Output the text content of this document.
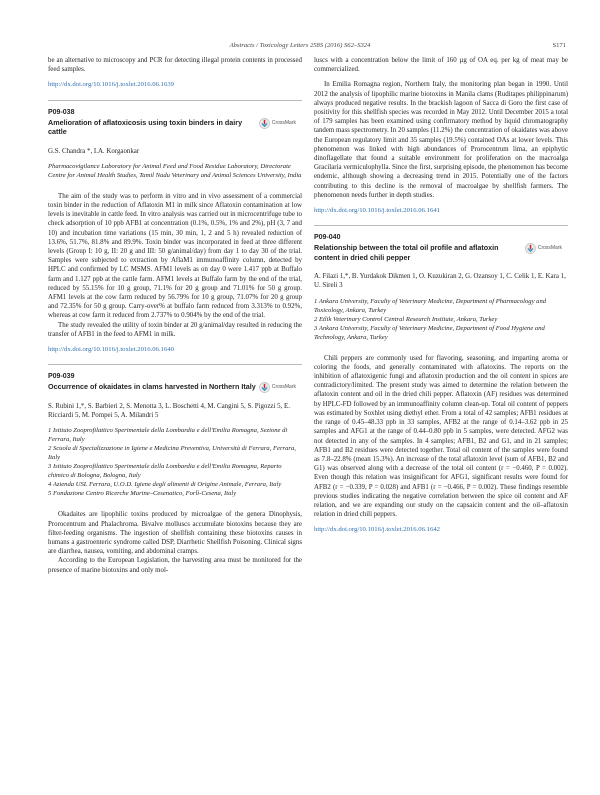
Abstracts / Toxicology Letters 258S (2016) S62–S324	S171

be an alternative to microscopy and PCR for detecting illegal protein contents in processed feed samples.

http://dx.doi.org/10.1016/j.toxlet.2016.06.1639
P09-038
Amelioration of aflatoxicosis using toxin binders in dairy cattle
CrossMark
G.S. Chandra *, I.A. Korgaonkar
Pharmacovigilance Laboratory for Animal Feed and Food Residue Laboratory, Directorate Centre for Animal Health Studies, Tamil Nadu Veterinary and Animal Sciences University, India

The aim of the study was to perform in vitro and in vivo assessment of a commercial toxin binder in the reduction of Aflatoxin M1 in milk since Aflatoxin contamination at low levels is inevitable in cattle feed. In vitro analysis was carried out in microcentrifuge tube to check adsorption of 10 ppb AFB1 at concentration (0.1%, 0.5%, 1% and 2%), pH (3, 7 and 10) and incubation time variations (15 min, 30 min, 1, 2 and 5 h) revealed reduction of 13.6%, 51.7%, 81.8% and 89.9%. Toxin binder was incorporated in feed at three different levels (Group I: 10 g, II: 20 g and III: 50 g/animal/day) from day 1 to day 30 of the trial. Samples were subjected to extraction by AflaM1 immunoaffinity column, detected by HPLC and confirmed by LC MSMS. AFM1 levels as on day 0 were 1.417 ppb at Buffalo farm and 1.127 ppb at the cattle farm. AFM1 levels at Buffalo farm by the end of the trial, reduced by 55.15% for 10 g group, 71.1% for 20 g group and 71.01% for 50 g group. AFM1 levels at the cow farm reduced by 56.79% for 10 g group, 71.07% for 20 g group and 72.35% for 50 g group. Carry-over% at buffalo farm reduced from 3.313% to 0.92%, whereas at cow farm it reduced from 2.737% to 0.904% by the end of the trial.

The study revealed the utility of toxin binder at 20 g/animal/day resulted in reducing the transfer of AFB1 in the feed to AFM1 in milk.

http://dx.doi.org/10.1016/j.toxlet.2016.06.1640
P09-039
Occurrence of okaidates in clams harvested in Northern Italy	CrossMark
S. Rubini 1,*, S. Barbieri 2, S. Menotta 3, L. Boschetti 4, M. Cangini 5, S. Pigozzi 5, E. Ricciardi 5, M. Pompei 5, A. Milandri 5
1 Istituto Zooprofilattico Sperimentale della Lombardia e dell'Emilia Romagna, Sezione di Ferrara, Italy
2 Scuola di Specializzazione in Igiene e Medicina Preventiva, Università di Ferrara, Ferrara, Italy
3 Istituto Zooprofilattico Sperimentale della Lombardia e dell'Emilia Romagna, Reparto chimico di Bologna, Bologna, Italy
4 Azienda USL Ferrara, U.O.D. Igiene degli alimenti di Origine Animale, Ferrara, Italy
5 Fondazione Centro Ricerche Marine–Cesenatico, Forlì-Cesena, Italy

Okadaites are lipophilic toxins produced by microalgae of the genera Dinophysis, Prorocentrum and Phalachroma. Bivalve molluscs accumulate biotoxins because they are filter-feeding organisms. The ingestion of shellfish containing these biotoxins causes in humans a gastroenteric syndrome called DSP, Diarrhetic Shellfish Poisoning. Clinical signs are diarrhea, nausea, vomiting, and abdominal cramps.

According to the European Legislation, the harvesting area must be monitored for the presence of marine biotoxins and only mol-

luscs with a concentration below the limit of 160 µg of OA eq. per kg of meat may be commercialized.

In Emilia Romagna region, Northern Italy, the monitoring plan began in 1990. Until 2012 the analysis of lipophilic marine biotoxins in Manila clams (Ruditapes philippinarum) always produced negative results. In the brackish lagoon of Sacca di Goro the first case of positivity for this shellfish species was recorded in May 2012. Until December 2015 a total of 179 samples has been examined using confirmatory method by liquid chromatography tandem mass spectrometry. In 20 samples (11.2%) the concentration of okaidates was above the European regulatory limit and 35 samples (19.5%) contained OAs at lower levels. This phenomenon was linked with high abundances of Prorocentrum lima, an epiphytic dinoflagellate that found a suitable environment for proliferation on the macroalga Gracilaria vermiculophylla. Since the first, surprising episode, the phenomenon has become endemic, although showing a decreasing trend in 2015. Potentially one of the factors contributing to this decline is the removal of macroalgae by shellfish farmers. The phenomenon needs further in depth studies.

http://dx.doi.org/10.1016/j.toxlet.2016.06.1641
P09-040
Relationship between the total oil profile and aflatoxin content in dried chili pepper
CrossMark
A. Filazi 1,*, B. Yurdakok Dikmen 1, O. Kuzukiran 2, G. Ozansoy 1, C. Celik 1, E. Kara 1, U. Sireli 3
1 Ankara University, Faculty of Veterinary Medicine, Department of Pharmacology and Toxicology, Ankara, Turkey
2 Etlik Veterinary Control Central Research Institute, Ankara, Turkey
3 Ankara University, Faculty of Veterinary Medicine, Department of Food Hygiene and Technology, Ankara, Turkey

Chili peppers are commonly used for flavoring, seasoning, and imparting aroma or coloring the foods, and generally contaminated with aflatoxins. The reports on the inhibition of aflatoxigenic fungi and aflatoxin production and the oil content in spices are contradictory/limited. The present study was aimed to determine the relation between the aflatoxin content and oil in the dried chili pepper. Aflatoxin (AF) residues was determined by HPLC-FD followed by an immunoaffinity column clean-up. Total oil content of peppers was estimated by Soxhlet using diethyl ether. From a total of 42 samples; AFB1 residues at the range of 0.45–48.33 ppb in 33 samples, AFB2 at the range of 0.14–3.62 ppb in 25 samples and AFG1 at the range of 0.44–0.80 ppb in 5 samples, were detected. AFG2 was not detected in any of the samples. In 4 samples; AFB1, B2 and G1, and in 21 samples; AFB1 and B2 residues were detected together. Total oil content of the samples were found as 7.8–22.8% (mean 15.3%). An increase of the total aflatoxin level (sum of AFB1, B2 and G1) was observed along with a decrease of the total oil content (r = −0.460, P = 0.002). Even though this relation was insignificant for AFG1, significant results were found for AFB2 (r = −0.339, P = 0.028) and AFB1 (r = −0.466, P = 0.002). These findings resemble previous studies indicating the negative correlation between the spice oil content and AF relation, and we are expanding our study on the capsaicin content and the oil–aflatoxin relation in dried chili peppers.

http://dx.doi.org/10.1016/j.toxlet.2016.06.1642
